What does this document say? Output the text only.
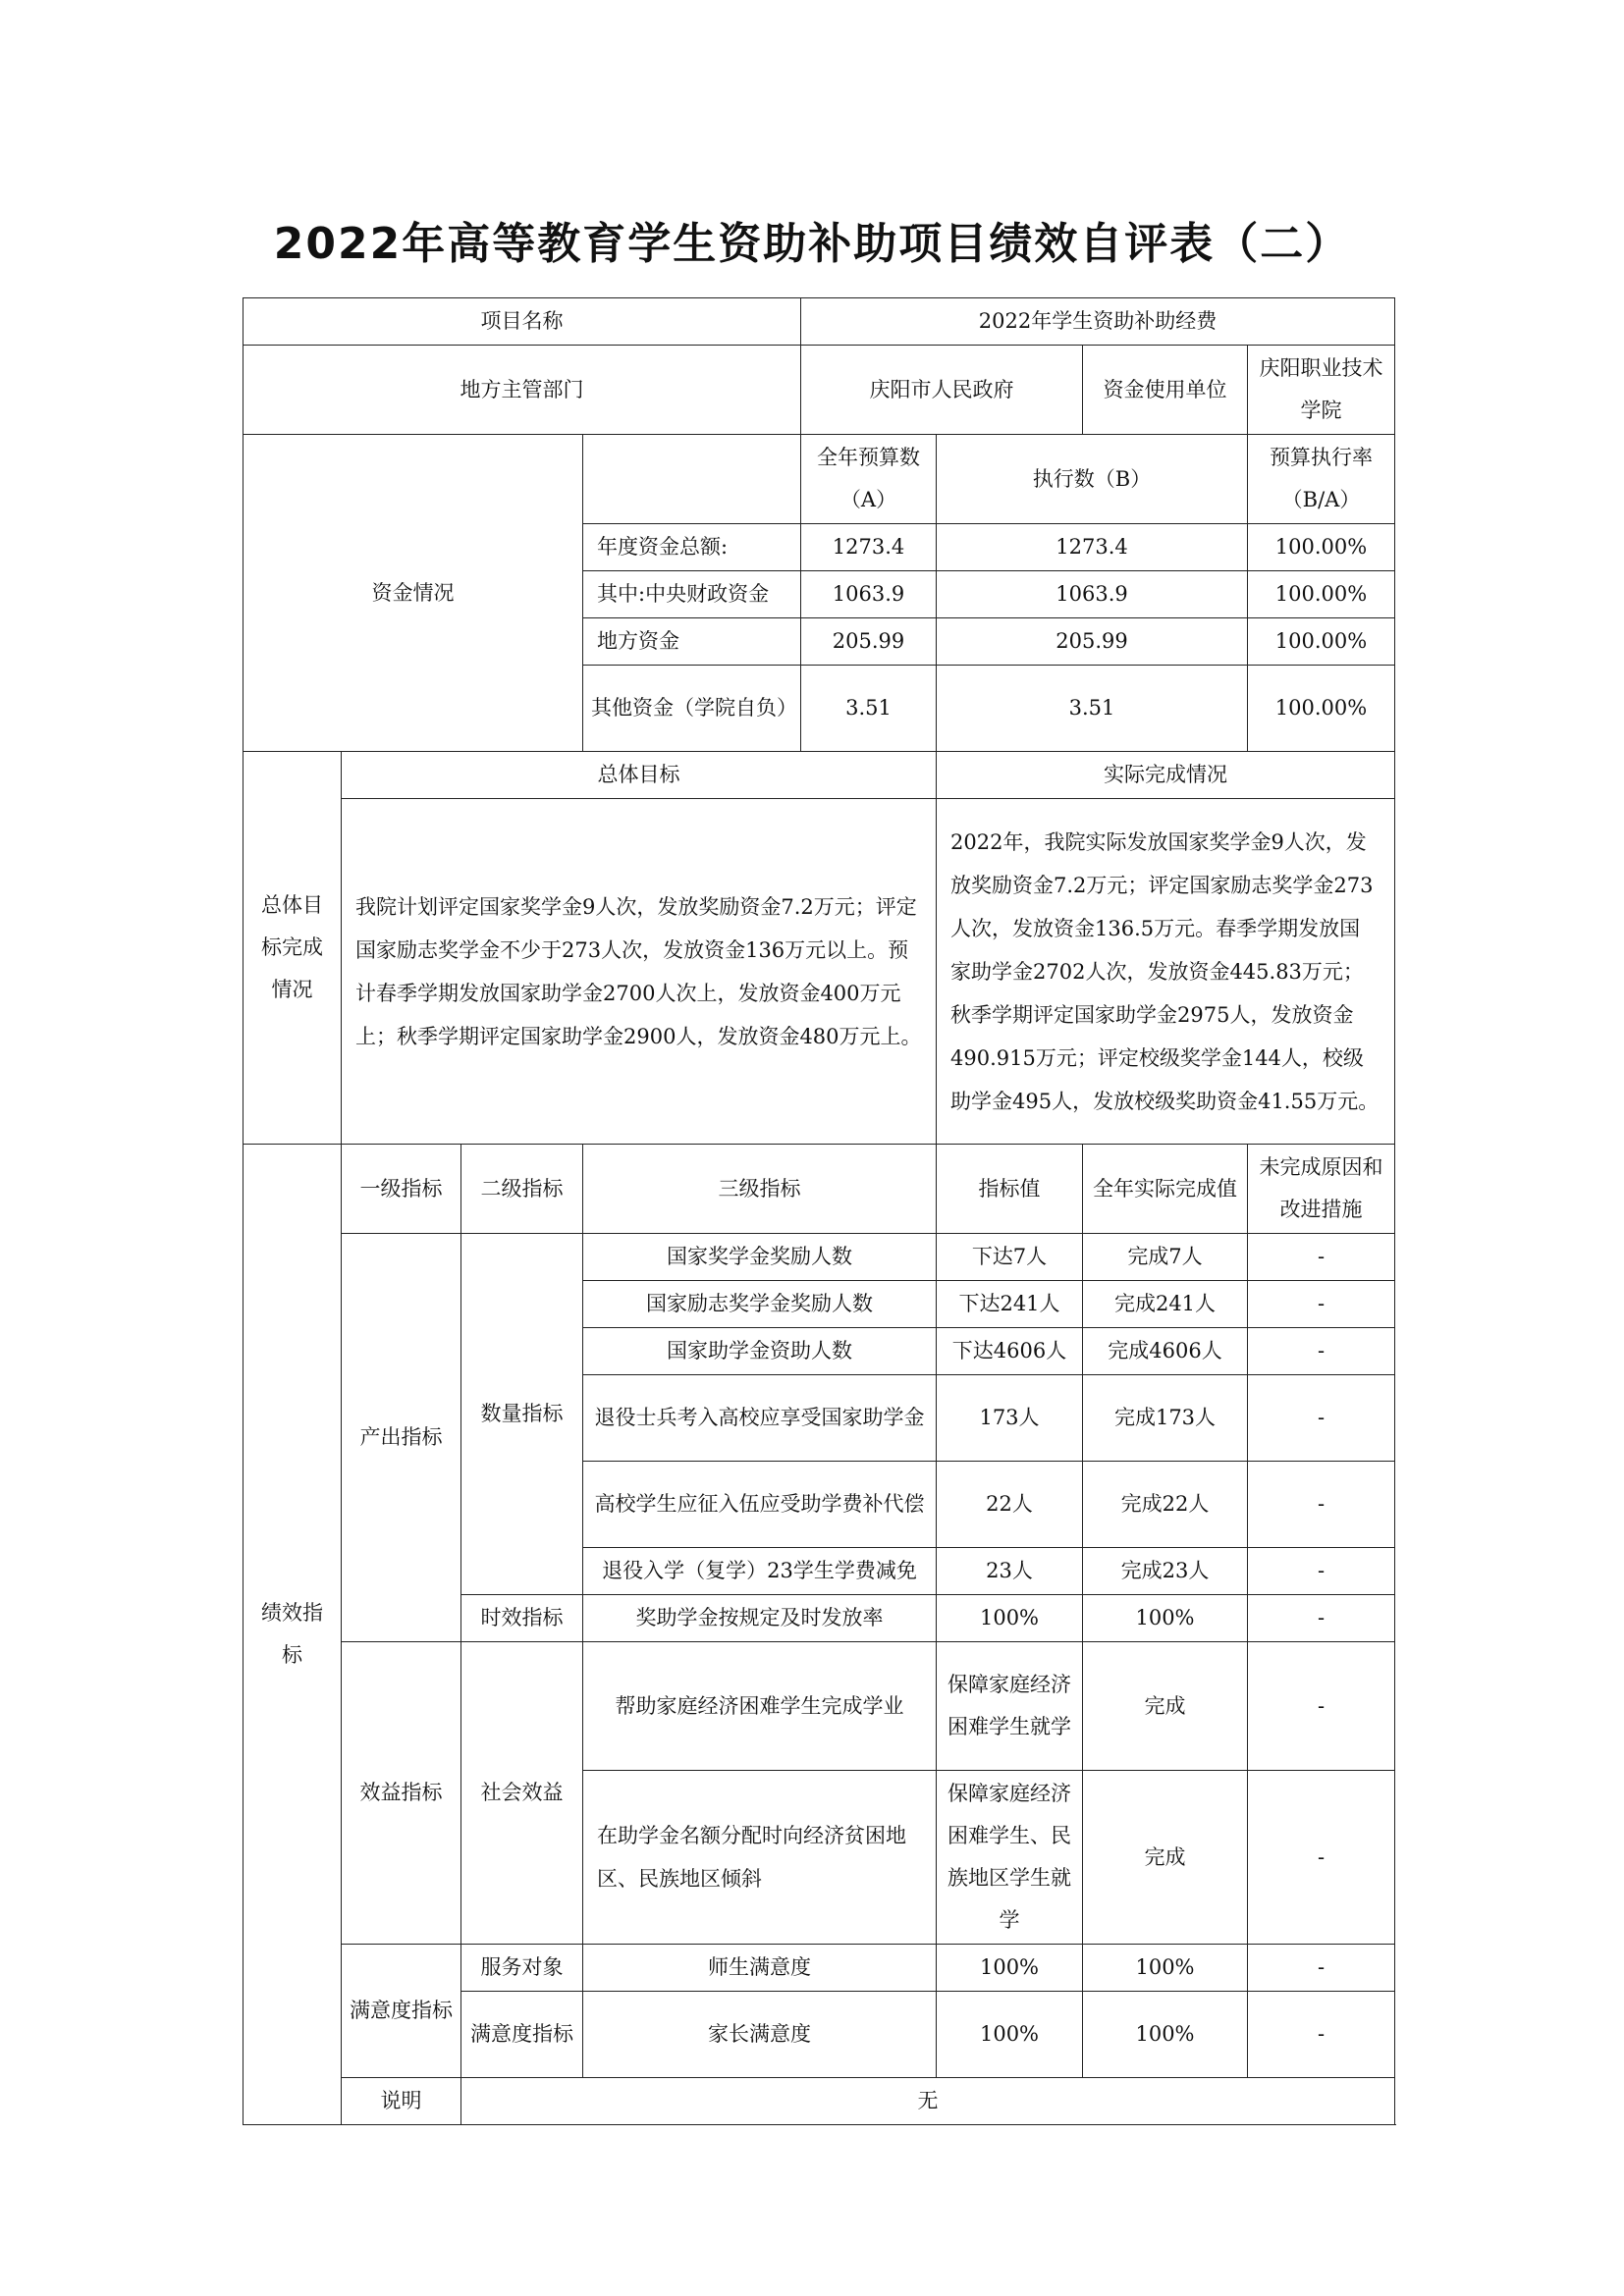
2022年高等教育学生资助补助项目绩效自评表（二）
项目名称				2022年学生资助补助经费			
地方主管部门				庆阳市人民政府		资金使用单位	庆阳职业技术学院
资金情况				全年预算数（A）	执行数（B）		预算执行率（B/A）
			年度资金总额:	1273.4	1273.4		100.00%
			其中:中央财政资金	1063.9	1063.9		100.00%
			地方资金	205.99	205.99		100.00%
			其他资金（学院自负）	3.51	3.51		100.00%
总体目标完成情况	总体目标				实际完成情况		
	我院计划评定国家奖学金9人次，发放奖励资金7.2万元；评定国家励志奖学金不少于273人次，发放资金136万元以上。预计春季学期发放国家助学金2700人次上，发放资金400万元上；秋季学期评定国家助学金2900人，发放资金480万元上。				2022年，我院实际发放国家奖学金9人次，发放奖励资金7.2万元；评定国家励志奖学金273人次，发放资金136.5万元。春季学期发放国家助学金2702人次，发放资金445.83万元；秋季学期评定国家助学金2975人，发放资金490.915万元；评定校级奖学金144人，校级助学金495人，发放校级奖助资金41.55万元。		
绩效指标	一级指标	二级指标	三级指标		指标值	全年实际完成值	未完成原因和改进措施
	产出指标	数量指标	国家奖学金奖励人数		下达7人	完成7人	-
			国家励志奖学金奖励人数		下达241人	完成241人	-
			国家助学金资助人数		下达4606人	完成4606人	-
			退役士兵考入高校应享受国家助学金		173人	完成173人	-
			高校学生应征入伍应受助学费补代偿		22人	完成22人	-
			退役入学（复学）23学生学费减免		23人	完成23人	-
		时效指标	奖助学金按规定及时发放率		100%	100%	-
	效益指标	社会效益	帮助家庭经济困难学生完成学业		保障家庭经济困难学生就学	完成	-
			在助学金名额分配时向经济贫困地区、民族地区倾斜		保障家庭经济困难学生、民族地区学生就学	完成	-
	满意度指标	服务对象	师生满意度		100%	100%	-
		满意度指标	家长满意度		100%	100%	-
	说明	无					
